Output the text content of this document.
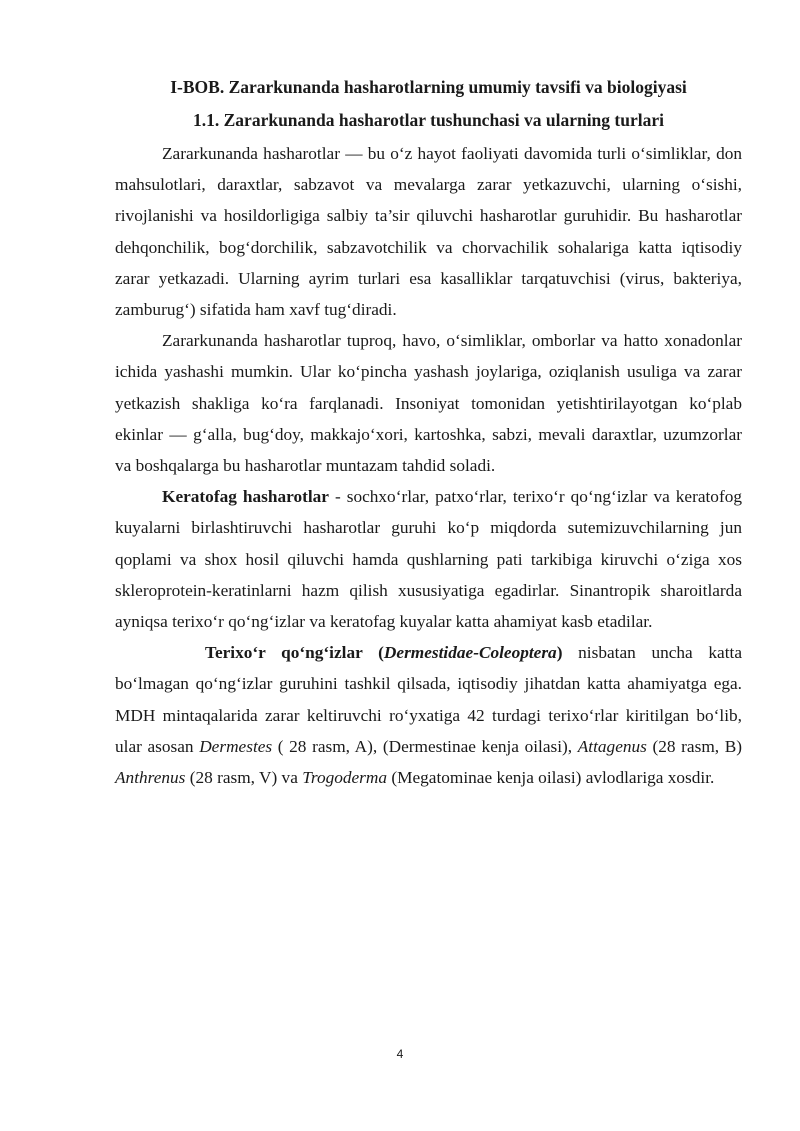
I-BOB. Zararkunanda hasharotlarning umumiy tavsifi va biologiyasi
1.1. Zararkunanda hasharotlar tushunchasi va ularning turlari

Zararkunanda hasharotlar — bu o‘z hayot faoliyati davomida turli o‘simliklar, don mahsulotlari, daraxtlar, sabzavot va mevalarga zarar yetkazuvchi, ularning o‘sishi, rivojlanishi va hosildorligiga salbiy ta’sir qiluvchi hasharotlar guruhidir. Bu hasharotlar dehqonchilik, bog‘dorchilik, sabzavotchilik va chorvachilik sohalariga katta iqtisodiy zarar yetkazadi. Ularning ayrim turlari esa kasalliklar tarqatuvchisi (virus, bakteriya, zamburug‘) sifatida ham xavf tug‘diradi.

Zararkunanda hasharotlar tuproq, havo, o‘simliklar, omborlar va hatto xonadonlar ichida yashashi mumkin. Ular ko‘pincha yashash joylariga, oziqlanish usuliga va zarar yetkazish shakliga ko‘ra farqlanadi. Insoniyat tomonidan yetishtirilayotgan ko‘plab ekinlar — g‘alla, bug‘doy, makkajo‘xori, kartoshka, sabzi, mevali daraxtlar, uzumzorlar va boshqalarga bu hasharotlar muntazam tahdid soladi.

Keratofag hasharotlar - sochxo‘rlar, patxo‘rlar, terixo‘r qo‘ng‘izlar va keratofog kuyalarni birlashtiruvchi hasharotlar guruhi ko‘p miqdorda sutemizuvchilarning jun qoplami va shox hosil qiluvchi hamda qushlarning pati tarkibiga kiruvchi o‘ziga xos skleroprotein-keratinlarni hazm qilish xususiyatiga egadirlar. Sinantropik sharoitlarda ayniqsa terixo‘r qo‘ng‘izlar va keratofag kuyalar katta ahamiyat kasb etadilar.

Terixo‘r qo‘ng‘izlar (Dermestidae-Coleoptera) nisbatan uncha katta bo‘lmagan qo‘ng‘izlar guruhini tashkil qilsada, iqtisodiy jihatdan katta ahamiyatga ega. MDH mintaqalarida zarar keltiruvchi ro‘yxatiga 42 turdagi terixo‘rlar kiritilgan bo‘lib, ular asosan Dermestes ( 28 rasm, A), (Dermestinae kenja oilasi), Attagenus (28 rasm, B) Anthrenus (28 rasm, V) va Trogoderma (Megatominae kenja oilasi) avlodlariga xosdir.

4
